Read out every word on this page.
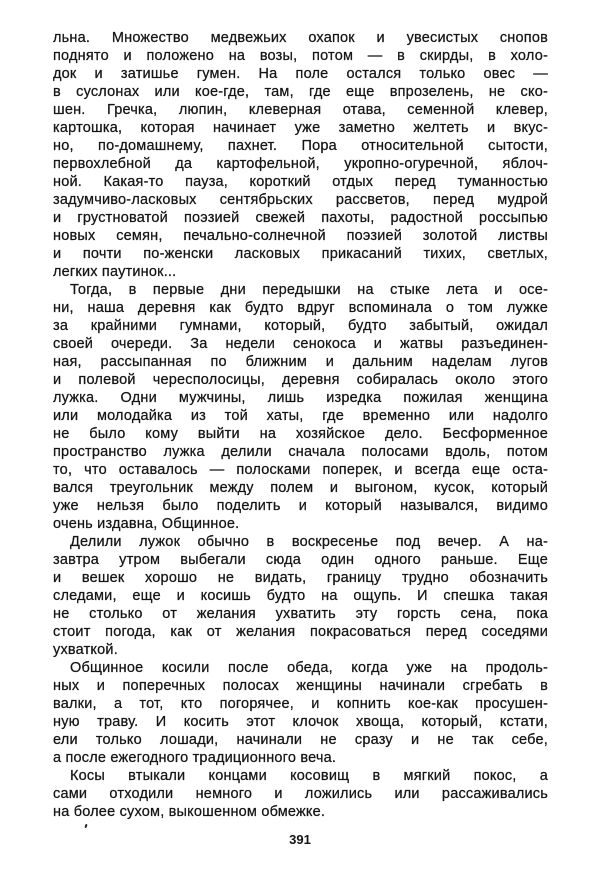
льна. Множество медвежьих охапок и увесистых снопов
поднято и положено на возы, потом — в скирды, в холо-
док и затишье гумен. На поле остался только овес —
в суслонах или кое-где, там, где еще впрозелень, не ско-
шен. Гречка, люпин, клеверная отава, семенной клевер,
картошка, которая начинает уже заметно желтеть и вкус-
но, по-домашнему, пахнет. Пора относительной сытости,
первохлебной да картофельной, укропно-огуречной, яблоч-
ной. Какая-то пауза, короткий отдых перед туманностью
задумчиво-ласковых сентябрьских рассветов, перед мудрой
и грустноватой поэзией свежей пахоты, радостной россыпью
новых семян, печально-солнечной поэзией золотой листвы
и почти по-женски ласковых прикасаний тихих, светлых,
легких паутинок...
Тогда, в первые дни передышки на стыке лета и осе-
ни, наша деревня как будто вдруг вспоминала о том лужке
за крайними гумнами, который, будто забытый, ожидал
своей очереди. За недели сенокоса и жатвы разъединен-
ная, рассыпанная по ближним и дальним наделам лугов
и полевой чересполосицы, деревня собиралась около этого
лужка. Одни мужчины, лишь изредка пожилая женщина
или молодайка из той хаты, где временно или надолго
не было кому выйти на хозяйское дело. Бесформенное
пространство лужка делили сначала полосами вдоль, потом
то, что оставалось — полосками поперек, и всегда еще оста-
вался треугольник между полем и выгоном, кусок, который
уже нельзя было поделить и который назывался, видимо
очень издавна, Общинное.
Делили лужок обычно в воскресенье под вечер. А на-
завтра утром выбегали сюда один одного раньше. Еще
и вешек хорошо не видать, границу трудно обозначить
следами, еще и косишь будто на ощупь. И спешка такая
не столько от желания ухватить эту горсть сена, пока
стоит погода, как от желания покрасоваться перед соседями
ухваткой.
Общинное косили после обеда, когда уже на продоль-
ных и поперечных полосах женщины начинали сгребать в
валки, а тот, кто погорячее, и копнить кое-как просушен-
ную траву. И косить этот клочок хвоща, который, кстати,
ели только лошади, начинали не сразу и не так себе,
а после ежегодного традиционного веча.
Косы втыкали концами косовищ в мягкий покос, а
сами отходили немного и ложились или рассаживались
на более сухом, выкошенном обмежке.
391
